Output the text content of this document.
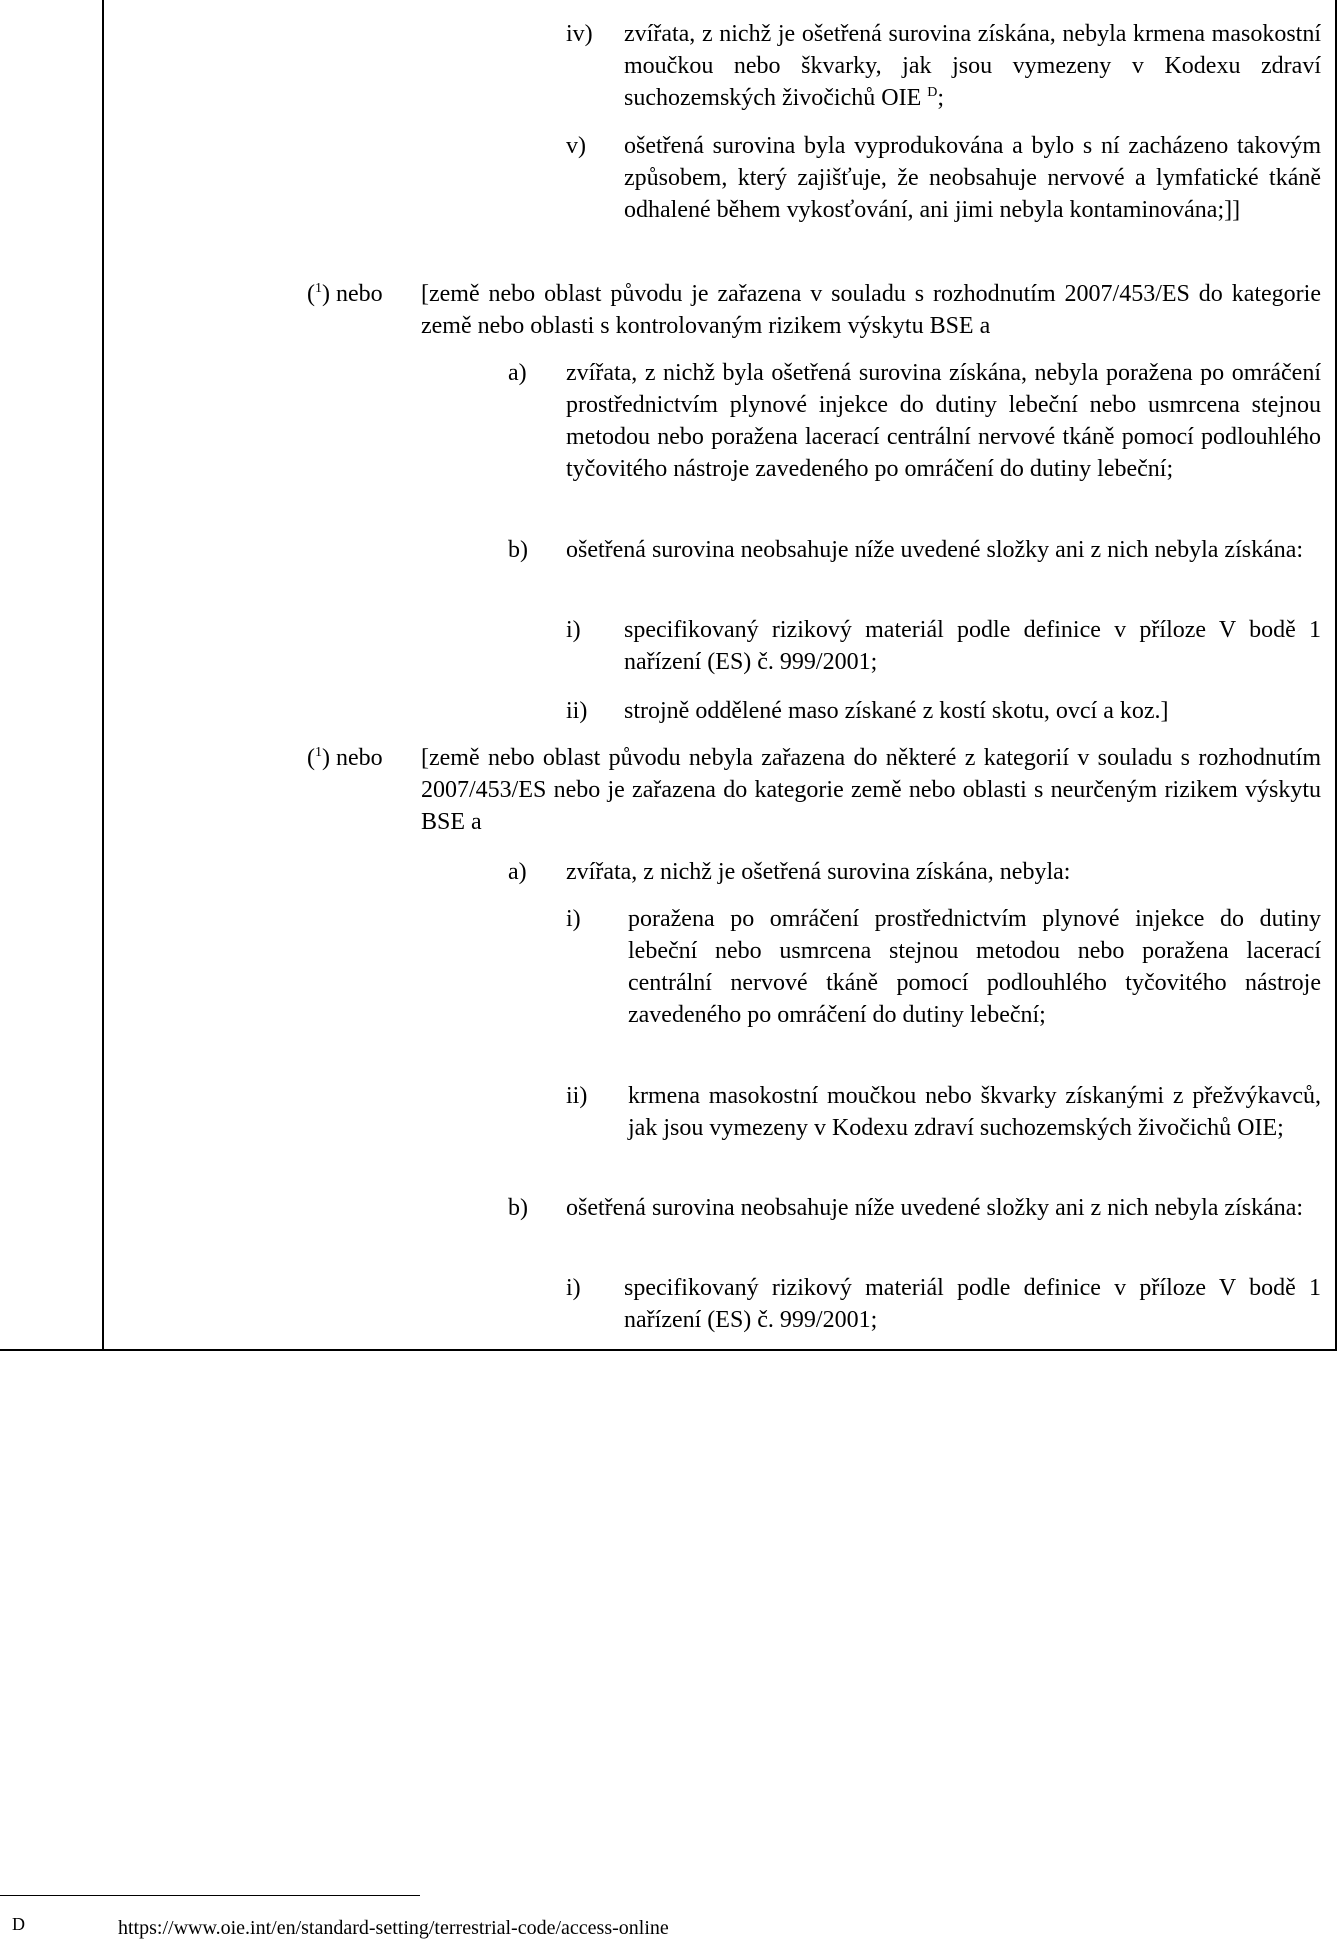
iv) zvířata, z nichž je ošetřená surovina získána, nebyla krmena masokostní moučkou nebo škvarky, jak jsou vymezeny v Kodexu zdraví suchozemských živočichů OIE $^D$;
v) ošetřená surovina byla vyprodukována a bylo s ní zacházeno takovým způsobem, který zajišťuje, že neobsahuje nervové a lymfatické tkáně odhalené během vykosťování, ani jimi nebyla kontaminována;]]
($^1$) nebo [země nebo oblast původu je zařazena v souladu s rozhodnutím 2007/453/ES do kategorie země nebo oblasti s kontrolovaným rizikem výskytu BSE a
a) zvířata, z nichž byla ošetřená surovina získána, nebyla poražena po omráčení prostřednictvím plynové injekce do dutiny lebeční nebo usmrcena stejnou metodou nebo poražena lacerací centrální nervové tkáně pomocí podlouhlého tyčovitého nástroje zavedeného po omráčení do dutiny lebeční;
b) ošetřená surovina neobsahuje níže uvedené složky ani z nich nebyla získána:
i) specifikovaný rizikový materiál podle definice v příloze V bodě 1 nařízení (ES) č. 999/2001;
ii) strojně oddělené maso získané z kostí skotu, ovcí a koz.]
($^1$) nebo [země nebo oblast původu nebyla zařazena do některé z kategorií v souladu s rozhodnutím 2007/453/ES nebo je zařazena do kategorie země nebo oblasti s neurčeným rizikem výskytu BSE a
a) zvířata, z nichž je ošetřená surovina získána, nebyla:
i) poražena po omráčení prostřednictvím plynové injekce do dutiny lebeční nebo usmrcena stejnou metodou nebo poražena lacerací centrální nervové tkáně pomocí podlouhlého tyčovitého nástroje zavedeného po omráčení do dutiny lebeční;
ii) krmena masokostní moučkou nebo škvarky získanými z přežvýkavců, jak jsou vymezeny v Kodexu zdraví suchozemských živočichů OIE;
b) ošetřená surovina neobsahuje níže uvedené složky ani z nich nebyla získána:
i) specifikovaný rizikový materiál podle definice v příloze V bodě 1 nařízení (ES) č. 999/2001;
D	https://www.oie.int/en/standard-setting/terrestrial-code/access-online
